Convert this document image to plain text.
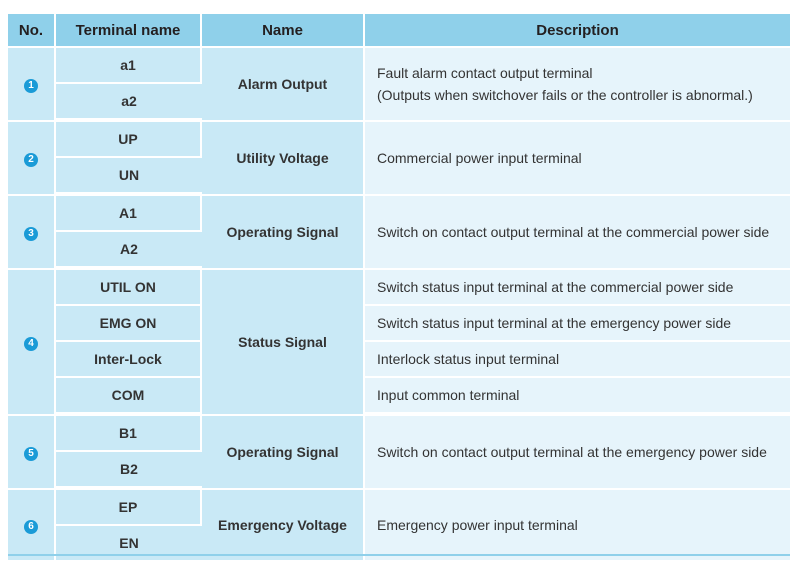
No.	Terminal name	Name	Description
1	a1	Alarm Output	Fault alarm contact output terminal
(Outputs when switchover fails or the controller is abnormal.)
	a2		
2	UP	Utility Voltage	Commercial power input terminal
	UN		
3	A1	Operating Signal	Switch on contact output terminal at the commercial power side
	A2		
4	UTIL ON	Status Signal	Switch status input terminal at the commercial power side
	EMG ON		Switch status input terminal at the emergency power side
	Inter-Lock		Interlock status input terminal
	COM		Input common terminal
5	B1	Operating Signal	Switch on contact output terminal at the emergency power side
	B2		
6	EP	Emergency Voltage	Emergency power input terminal
	EN		
